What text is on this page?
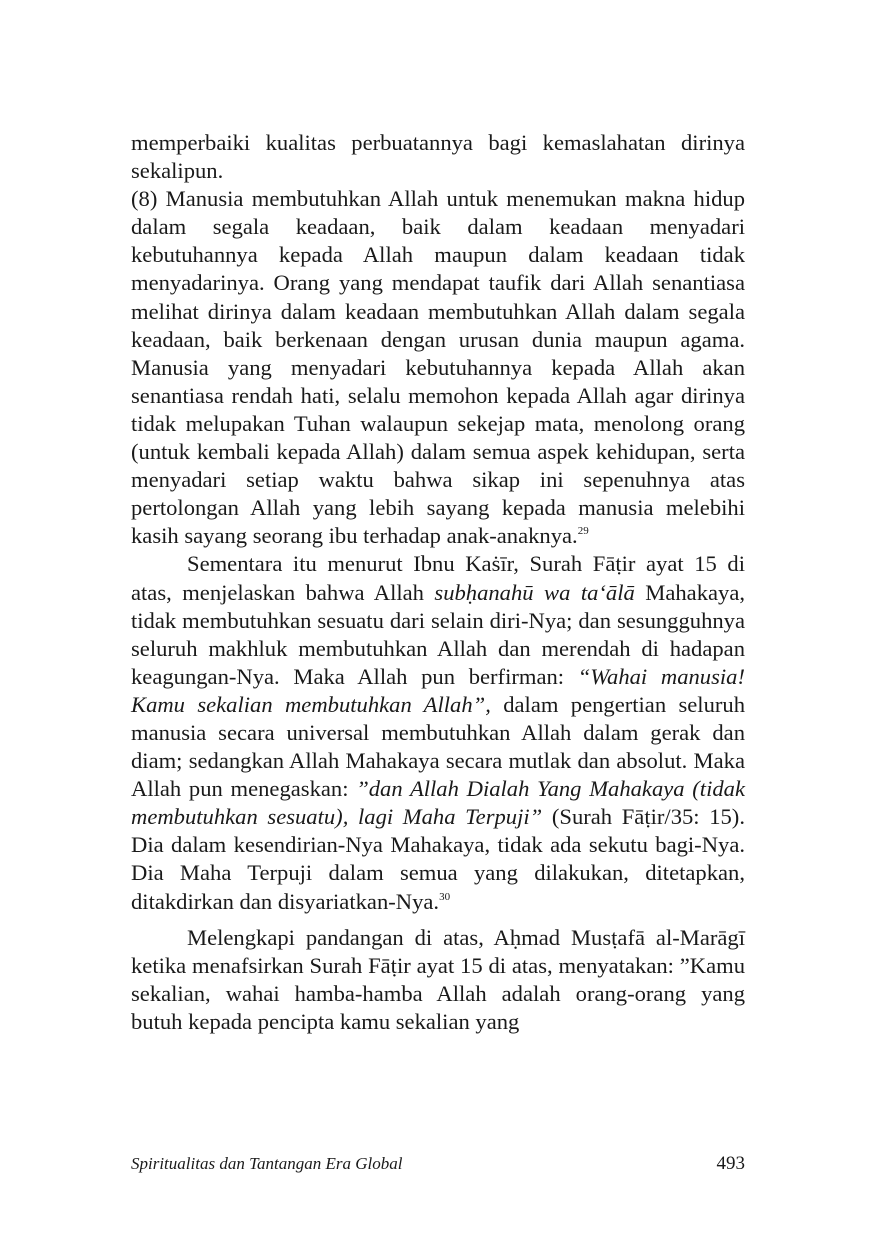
memperbaiki kualitas perbuatannya bagi kemaslahatan dirinya sekalipun.

(8) Manusia membutuhkan Allah untuk menemukan makna hidup dalam segala keadaan, baik dalam keadaan menyadari kebutuhannya kepada Allah maupun dalam keadaan tidak menyadarinya. Orang yang mendapat taufik dari Allah senantiasa melihat dirinya dalam keadaan membutuhkan Allah dalam segala keadaan, baik berkenaan dengan urusan dunia maupun agama. Manusia yang menyadari kebutuhannya kepada Allah akan senantiasa rendah hati, selalu memohon kepada Allah agar dirinya tidak melupakan Tuhan walaupun sekejap mata, menolong orang (untuk kembali kepada Allah) dalam semua aspek kehidupan, serta menyadari setiap waktu bahwa sikap ini sepenuhnya atas pertolongan Allah yang lebih sayang kepada manusia melebihi kasih sayang seorang ibu terhadap anak-anaknya.$^{29}$

Sementara itu menurut Ibnu Kaṡīr, Surah Fāṭir ayat 15 di atas, menjelaskan bahwa Allah subḥanahū wa ta‘ālā Mahakaya, tidak membutuhkan sesuatu dari selain diri-Nya; dan sesungguhnya seluruh makhluk membutuhkan Allah dan merendah di hadapan keagungan-Nya. Maka Allah pun berfirman: “Wahai manusia! Kamu sekalian membutuhkan Allah”, dalam pengertian seluruh manusia secara universal membutuhkan Allah dalam gerak dan diam; sedangkan Allah Mahakaya secara mutlak dan absolut. Maka Allah pun menegaskan: ”dan Allah Dialah Yang Mahakaya (tidak membutuhkan sesuatu), lagi Maha Terpuji” (Surah Fāṭir/35: 15). Dia dalam kesendirian-Nya Mahakaya, tidak ada sekutu bagi-Nya. Dia Maha Terpuji dalam semua yang dilakukan, ditetapkan, ditakdirkan dan disyariatkan-Nya.$^{30}$

Melengkapi pandangan di atas, Aḥmad Musṭafā al-Marāgī ketika menafsirkan Surah Fāṭir ayat 15 di atas, menyatakan: ”Kamu sekalian, wahai hamba-hamba Allah adalah orang-orang yang butuh kepada pencipta kamu sekalian yang

Spiritualitas dan Tantangan Era Global	493
